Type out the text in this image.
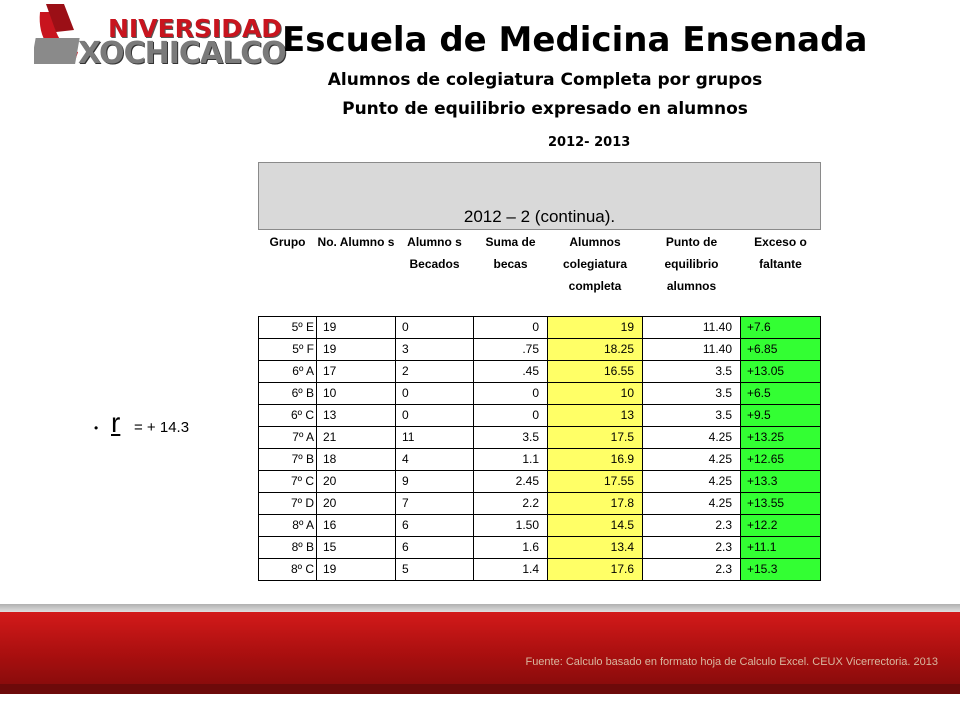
NIVERSIDAD
XOCHICALCO
Escuela de Medicina Ensenada
Alumnos de colegiatura Completa por grupos
Punto de equilibrio expresado en alumnos
2012- 2013
• r = + 14.3
2012 – 2 (continua).						
Grupo	No. Alumno s	Alumno s Becados	Suma de becas	Alumnos colegiatura completa	Punto de equilibrio alumnos	Exceso o faltante
5º E	19	0	0	19	11.40	+7.6
5º F	19	3	.75	18.25	11.40	+6.85
6º A	17	2	.45	16.55	3.5	+13.05
6º B	10	0	0	10	3.5	+6.5
6º C	13	0	0	13	3.5	+9.5
7º A	21	11	3.5	17.5	4.25	+13.25
7º B	18	4	1.1	16.9	4.25	+12.65
7º C	20	9	2.45	17.55	4.25	+13.3
7º D	20	7	2.2	17.8	4.25	+13.55
8º A	16	6	1.50	14.5	2.3	+12.2
8º B	15	6	1.6	13.4	2.3	+11.1
8º C	19	5	1.4	17.6	2.3	+15.3
Fuente: Calculo basado en formato hoja de Calculo Excel. CEUX Vicerrectoria. 2013
